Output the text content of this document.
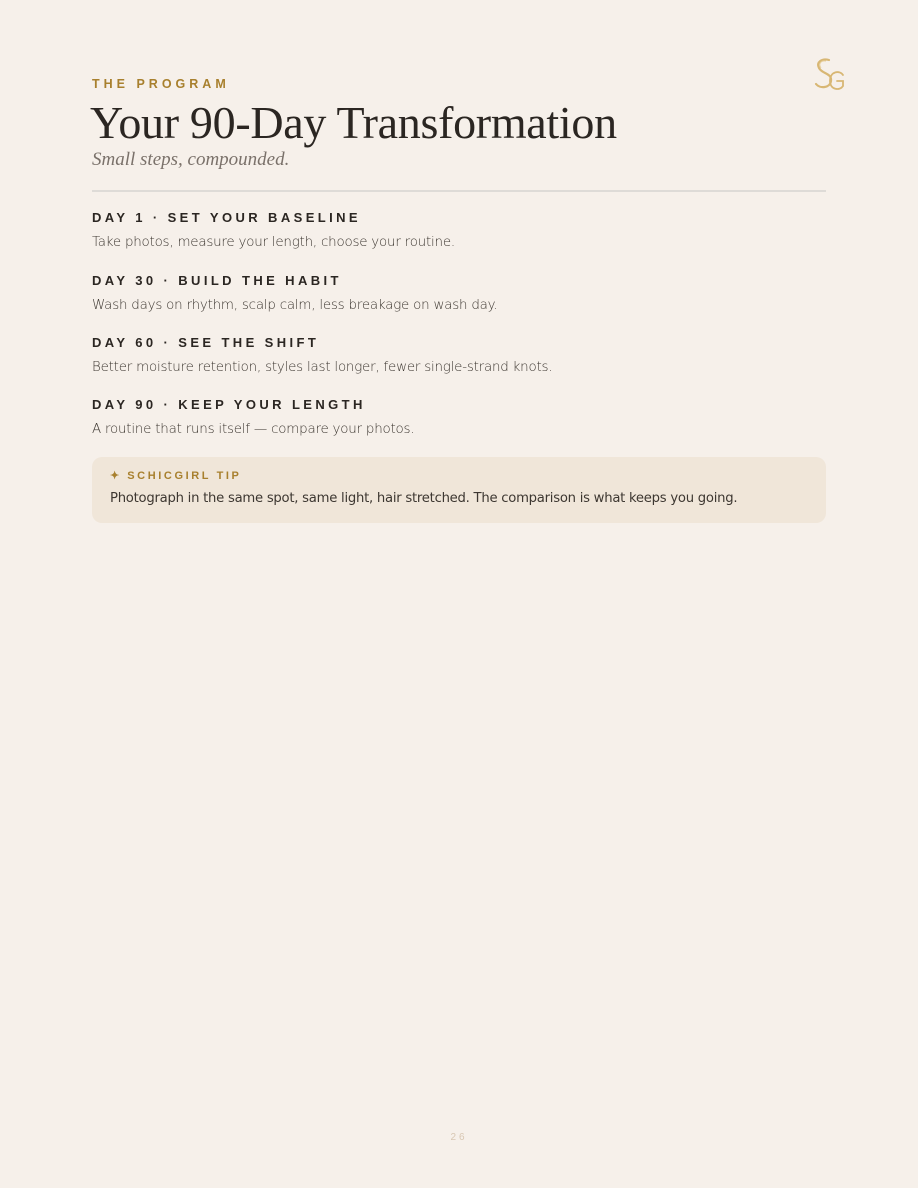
THE PROGRAM
Your 90-Day Transformation
Small steps, compounded.
DAY 1 · SET YOUR BASELINE
Take photos, measure your length, choose your routine.
DAY 30 · BUILD THE HABIT
Wash days on rhythm, scalp calm, less breakage on wash day.
DAY 60 · SEE THE SHIFT
Better moisture retention, styles last longer, fewer single-strand knots.
DAY 90 · KEEP YOUR LENGTH
A routine that runs itself — compare your photos.
✦ SCHICGIRL TIP
Photograph in the same spot, same light, hair stretched. The comparison is what keeps you going.
26
